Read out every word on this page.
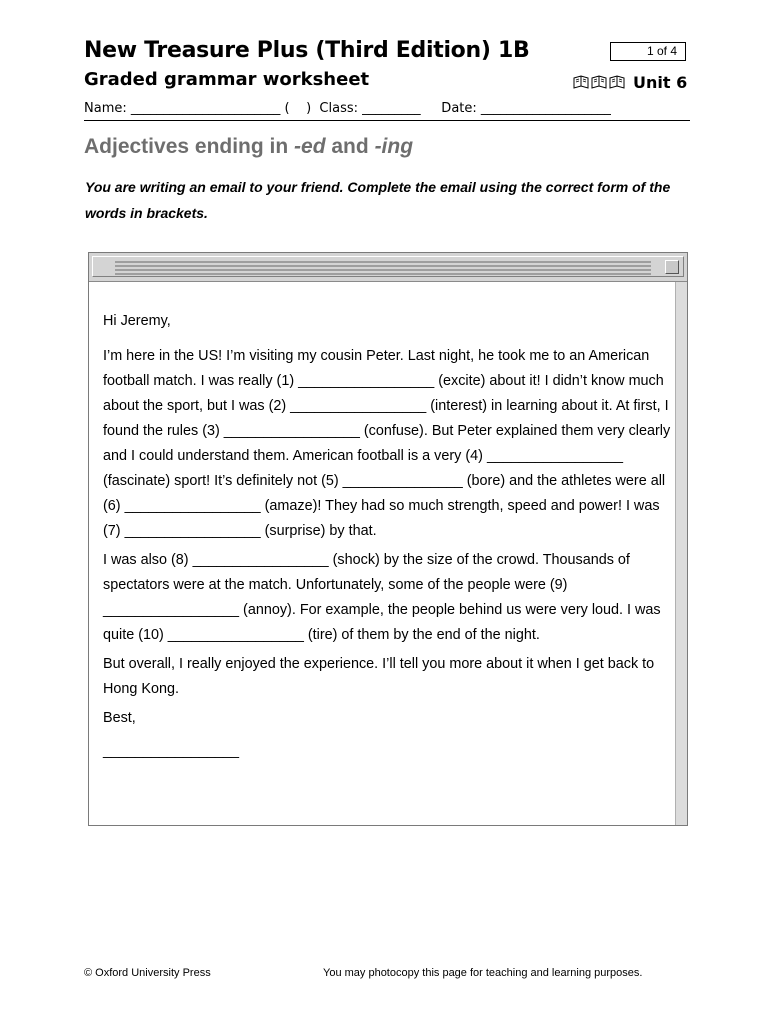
New Treasure Plus (Third Edition) 1B
Graded grammar worksheet
1 of 4
Unit 6
Name: _______________________ (    )  Class: _________     Date: ____________________
Adjectives ending in -ed and -ing
You are writing an email to your friend. Complete the email using the correct form of the words in brackets.

Hi Jeremy,

I’m here in the US! I’m visiting my cousin Peter. Last night, he took me to an American football match. I was really (1) _________________ (excite) about it! I didn’t know much about the sport, but I was (2) _________________ (interest) in learning about it. At first, I found the rules (3) _________________ (confuse). But Peter explained them very clearly and I could understand them. American football is a very (4) _________________ (fascinate) sport! It’s definitely not (5) _______________ (bore) and the athletes were all (6) _________________ (amaze)! They had so much strength, speed and power! I was (7) _________________ (surprise) by that.

I was also (8) _________________ (shock) by the size of the crowd. Thousands of spectators were at the match. Unfortunately, some of the people were (9) _________________ (annoy). For example, the people behind us were very loud. I was quite (10) _________________ (tire) of them by the end of the night.

But overall, I really enjoyed the experience. I’ll tell you more about it when I get back to Hong Kong.

Best,

_________________

© Oxford University Press	You may photocopy this page for teaching and learning purposes.
